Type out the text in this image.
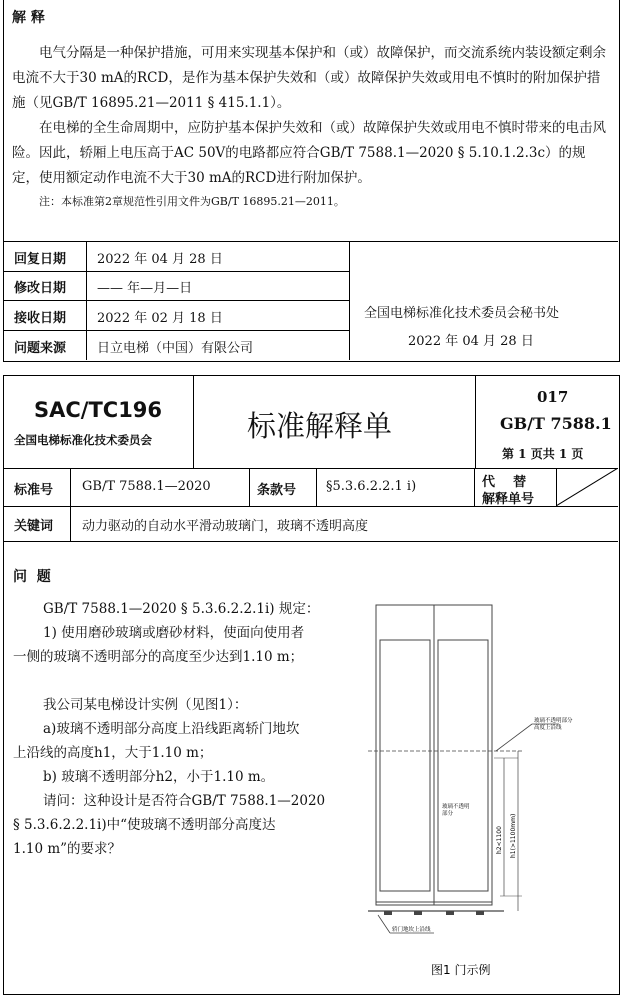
解 释

电气分隔是一种保护措施，可用来实现基本保护和（或）故障保护，而交流系统内装设额定剩余电流不大于30 mA的RCD，是作为基本保护失效和（或）故障保护失效或用电不慎时的附加保护措施（见GB/T 16895.21—2011 § 415.1.1）。

在电梯的全生命周期中，应防护基本保护失效和（或）故障保护失效或用电不慎时带来的电击风险。因此，轿厢上电压高于AC 50V的电路都应符合GB/T 7588.1—2020 § 5.10.1.2.3c）的规定，使用额定动作电流不大于30 mA的RCD进行附加保护。

注：本标准第2章规范性引用文件为GB/T 16895.21—2011。

回复日期 2022 年 04 月 28 日
修改日期 —— 年—月—日
接收日期 2022 年 02 月 18 日
问题来源 日立电梯（中国）有限公司
全国电梯标准化技术委员会秘书处
2022 年 04 月 28 日
SAC/TC196
全国电梯标准化技术委员会	标准解释单
017
GB/T 7588.1
第 1 页共 1 页
标准号 GB/T 7588.1—2020	条款号 §5.3.6.2.2.1 i)	代    替
解释单号
关键词 动力驱动的自动水平滑动玻璃门，玻璃不透明高度
问  题

GB/T 7588.1—2020 § 5.3.6.2.2.1i) 规定：

1) 使用磨砂玻璃或磨砂材料，使面向使用者

一侧的玻璃不透明部分的高度至少达到1.10 m；

我公司某电梯设计实例（见图1）：

a)玻璃不透明部分高度上沿线距离轿门地坎

上沿线的高度h1，大于1.10 m；

b) 玻璃不透明部分h2，小于1.10 m。

请问：这种设计是否符合GB/T 7588.1—2020

§ 5.3.6.2.2.1i)中“使玻璃不透明部分高度达

1.10 m”的要求？

玻璃不透明部分
高度上沿线
玻璃不透明
部分
h2<1100 h1(>1100mm)
轿门地坎上沿线
图1 门示例
